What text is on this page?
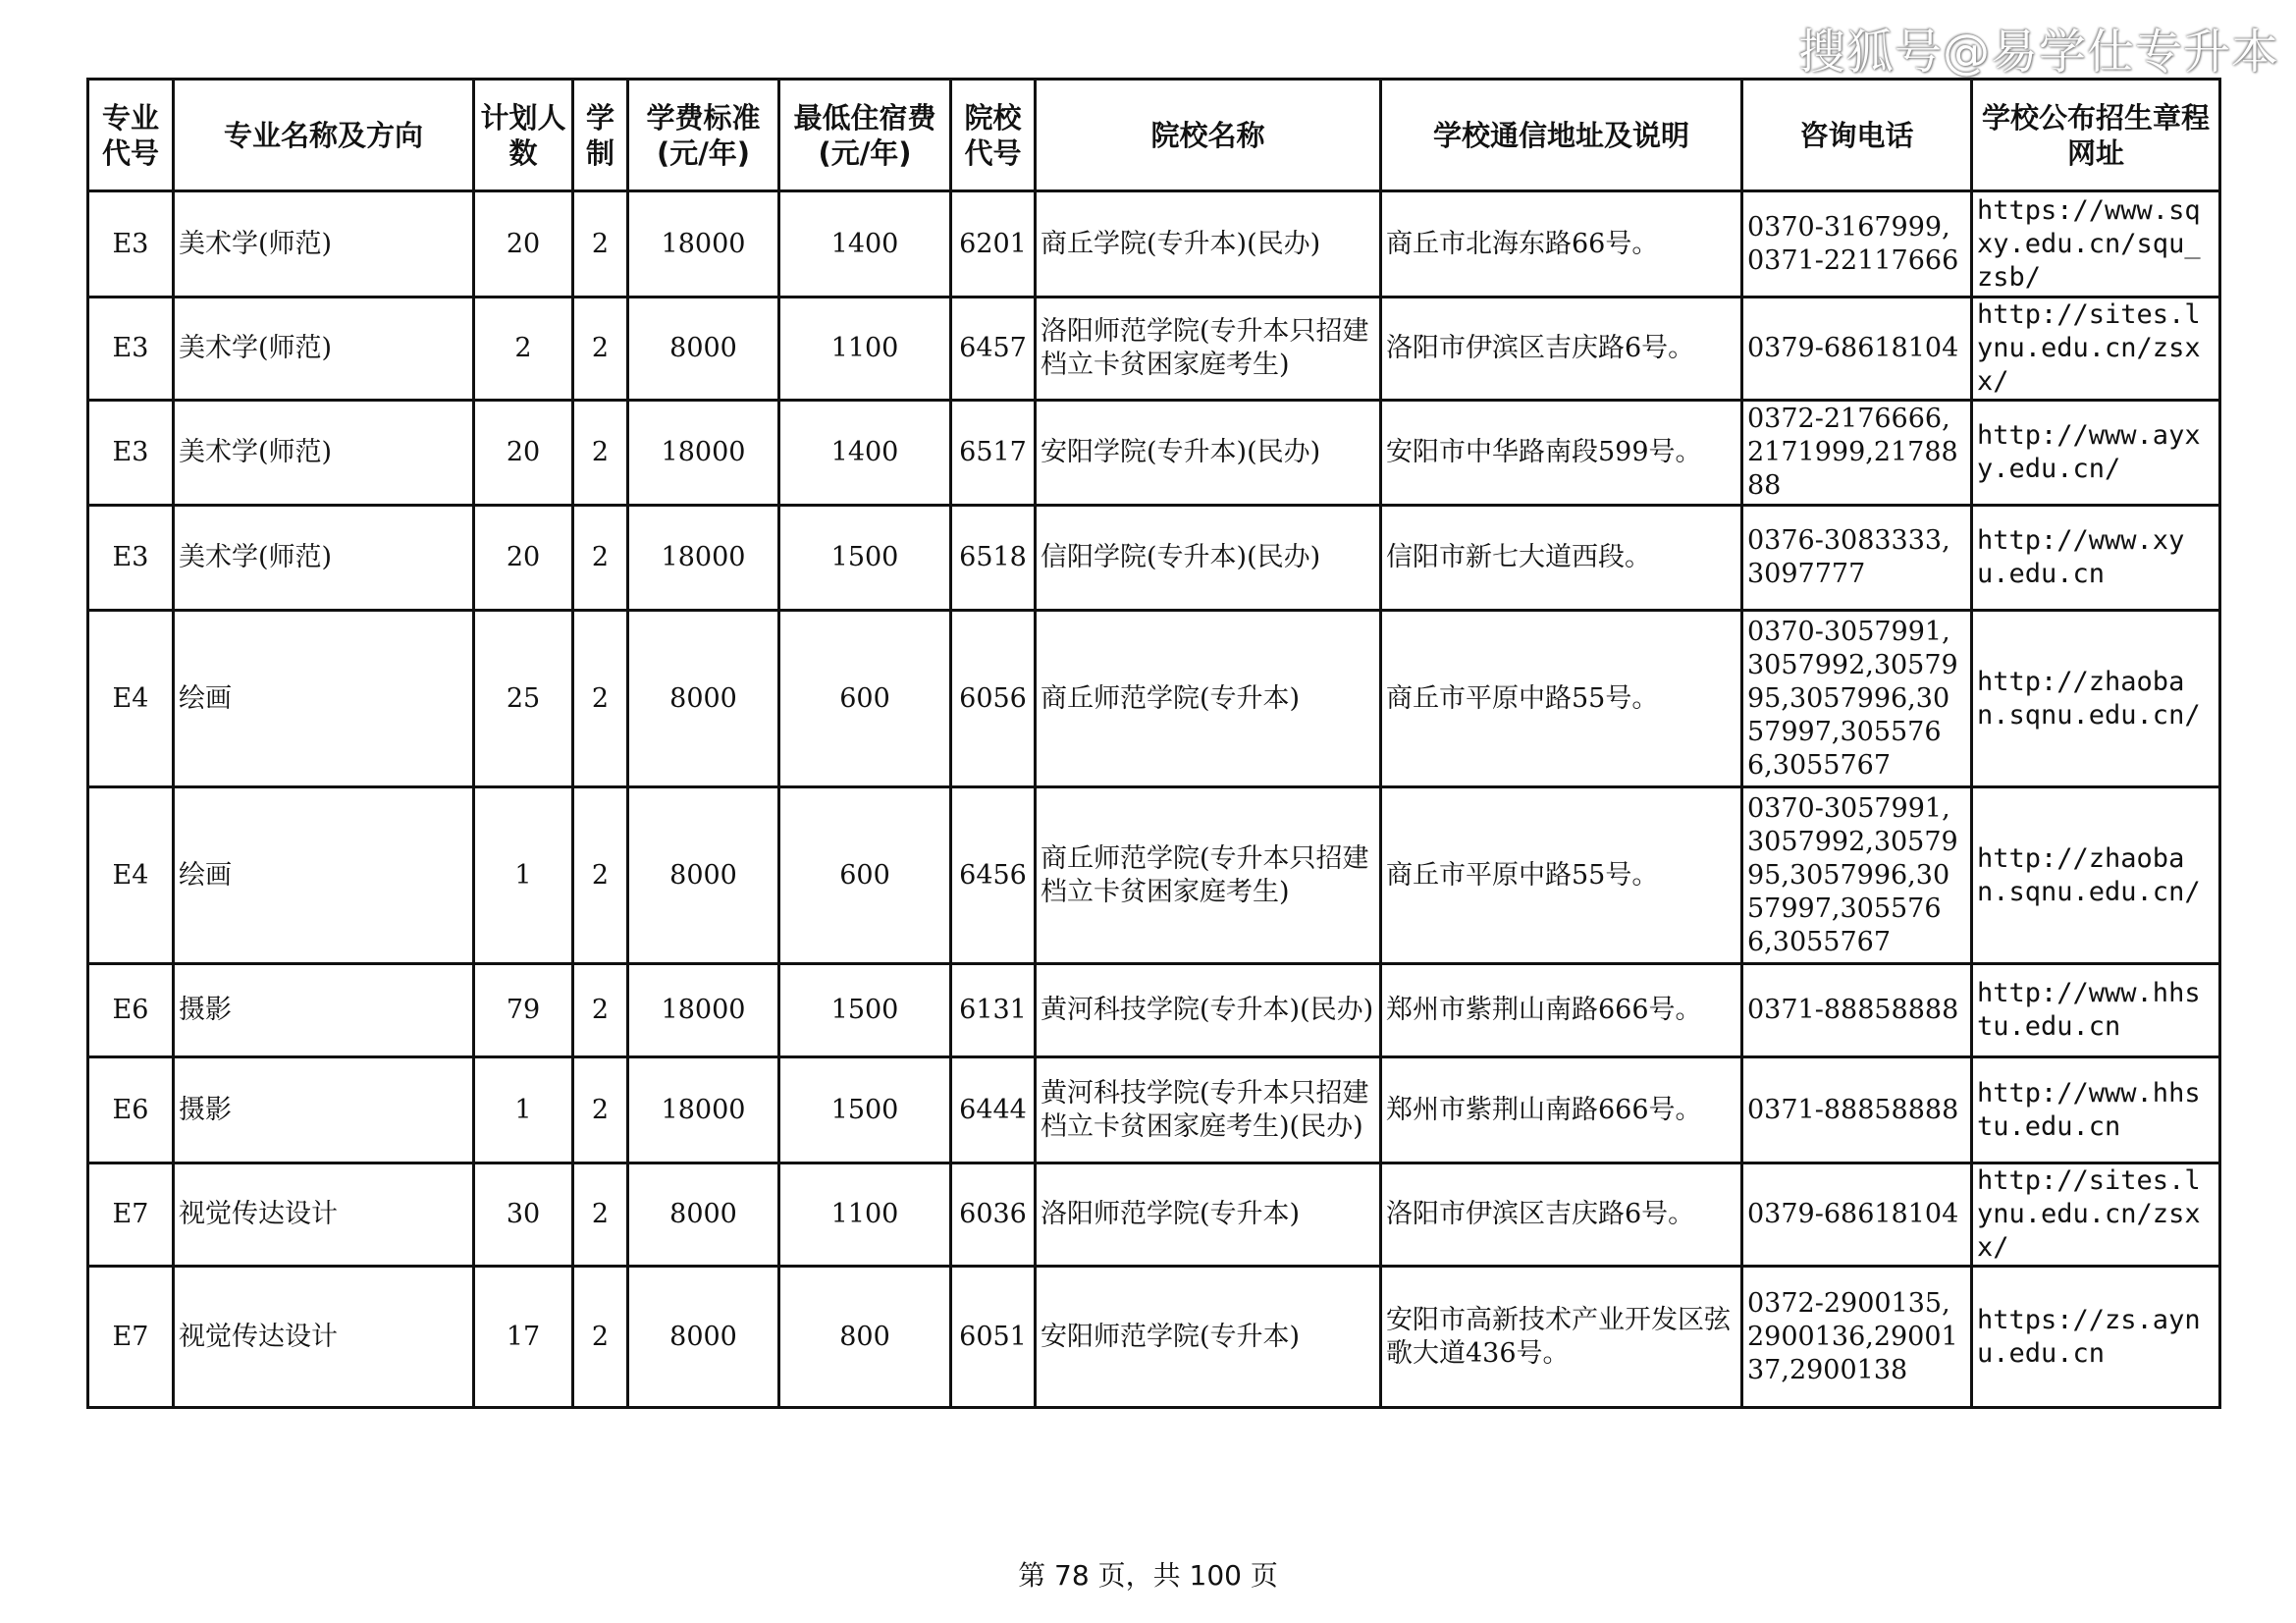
搜狐号@易学仕专升本
专业代号	专业名称及方向	计划人数	学制	学费标准(元/年)	最低住宿费(元/年)	院校代号	院校名称	学校通信地址及说明	咨询电话	学校公布招生章程网址
E3	美术学(师范)	20	2	18000	1400	6201	商丘学院(专升本)(民办)	商丘市北海东路66号。	0370-3167999,0371-22117666	https://www.sqxy.edu.cn/squ_zsb/
E3	美术学(师范)	2	2	8000	1100	6457	洛阳师范学院(专升本只招建档立卡贫困家庭考生)	洛阳市伊滨区吉庆路6号。	0379-68618104	http://sites.lynu.edu.cn/zsxx/
E3	美术学(师范)	20	2	18000	1400	6517	安阳学院(专升本)(民办)	安阳市中华路南段599号。	0372-2176666,2171999,2178888	http://www.ayxy.edu.cn/
E3	美术学(师范)	20	2	18000	1500	6518	信阳学院(专升本)(民办)	信阳市新七大道西段。	0376-3083333,3097777	http://www.xyu.edu.cn
E4	绘画	25	2	8000	600	6056	商丘师范学院(专升本)	商丘市平原中路55号。	0370-3057991,3057992,3057995,3057996,3057997,3055766,3055767	http://zhaoban.sqnu.edu.cn/
E4	绘画	1	2	8000	600	6456	商丘师范学院(专升本只招建档立卡贫困家庭考生)	商丘市平原中路55号。	0370-3057991,3057992,3057995,3057996,3057997,3055766,3055767	http://zhaoban.sqnu.edu.cn/
E6	摄影	79	2	18000	1500	6131	黄河科技学院(专升本)(民办)	郑州市紫荆山南路666号。	0371-88858888	http://www.hhstu.edu.cn
E6	摄影	1	2	18000	1500	6444	黄河科技学院(专升本只招建档立卡贫困家庭考生)(民办)	郑州市紫荆山南路666号。	0371-88858888	http://www.hhstu.edu.cn
E7	视觉传达设计	30	2	8000	1100	6036	洛阳师范学院(专升本)	洛阳市伊滨区吉庆路6号。	0379-68618104	http://sites.lynu.edu.cn/zsxx/
E7	视觉传达设计	17	2	8000	800	6051	安阳师范学院(专升本)	安阳市高新技术产业开发区弦歌大道436号。	0372-2900135,2900136,2900137,2900138	https://zs.aynu.edu.cn
第 78 页，共 100 页
